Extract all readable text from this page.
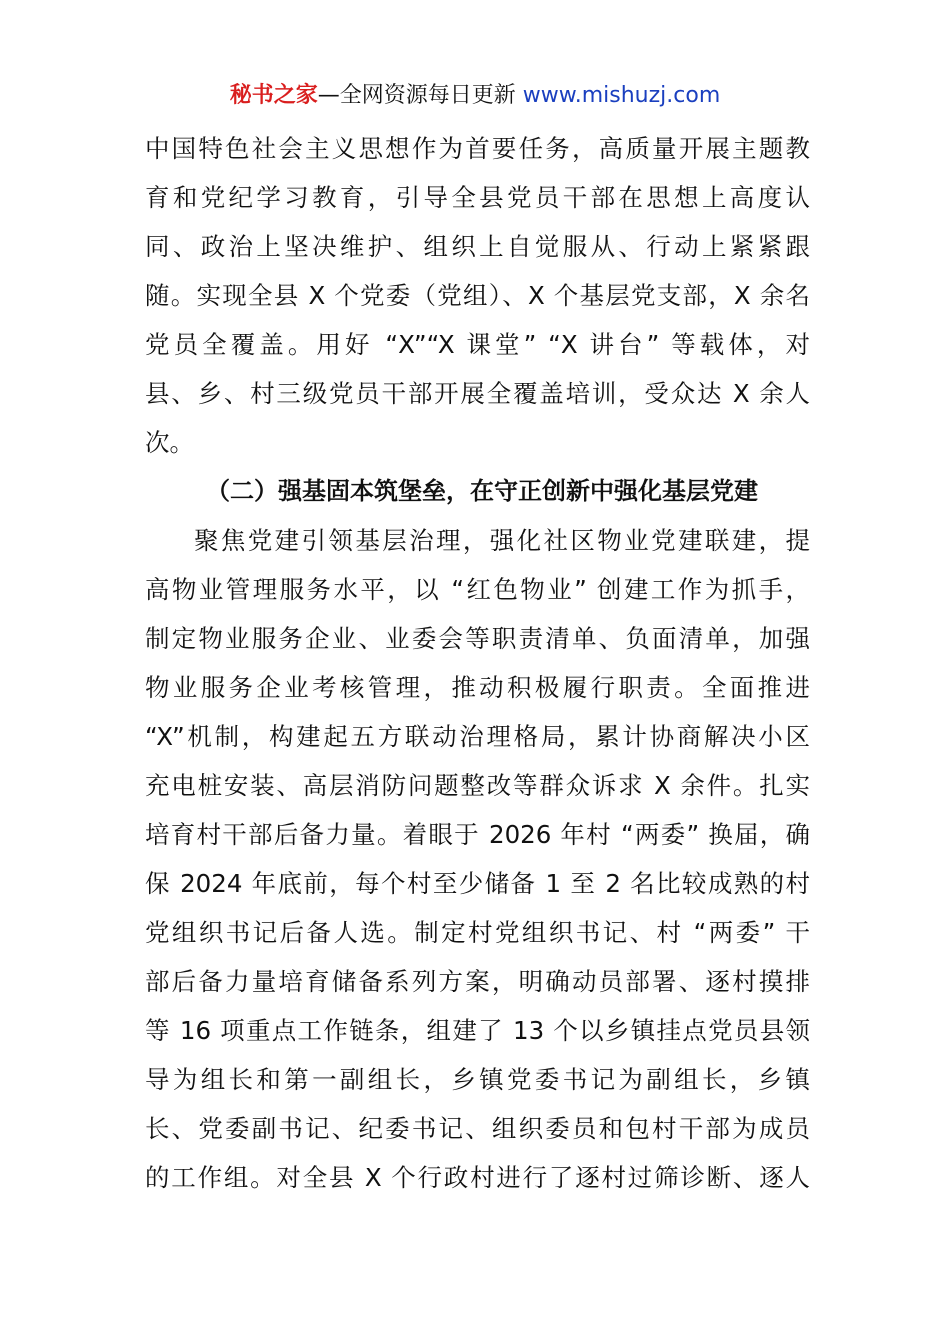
秘书之家—全网资源每日更新 www.mishuzj.com
中国特色社会主义思想作为首要任务，高质量开展主题教
育和党纪学习教育，引导全县党员干部在思想上高度认
同、政治上坚决维护、组织上自觉服从、行动上紧紧跟
随。实现全县 X 个党委（党组）、X 个基层党支部，X 余名
党员全覆盖。用好 “X”“X 课堂” “X 讲台” 等载体，对
县、乡、村三级党员干部开展全覆盖培训，受众达 X 余人
次。
（二）强基固本筑堡垒，在守正创新中强化基层党建
聚焦党建引领基层治理，强化社区物业党建联建，提
高物业管理服务水平，以 “红色物业” 创建工作为抓手，
制定物业服务企业、业委会等职责清单、负面清单，加强
物业服务企业考核管理，推动积极履行职责。全面推进
“X”机制，构建起五方联动治理格局，累计协商解决小区
充电桩安装、高层消防问题整改等群众诉求 X 余件。扎实
培育村干部后备力量。着眼于 2026 年村 “两委” 换届，确
保 2024 年底前，每个村至少储备 1 至 2 名比较成熟的村
党组织书记后备人选。制定村党组织书记、村 “两委” 干
部后备力量培育储备系列方案，明确动员部署、逐村摸排
等 16 项重点工作链条，组建了 13 个以乡镇挂点党员县领
导为组长和第一副组长，乡镇党委书记为副组长，乡镇
长、党委副书记、纪委书记、组织委员和包村干部为成员
的工作组。对全县 X 个行政村进行了逐村过筛诊断、逐人
